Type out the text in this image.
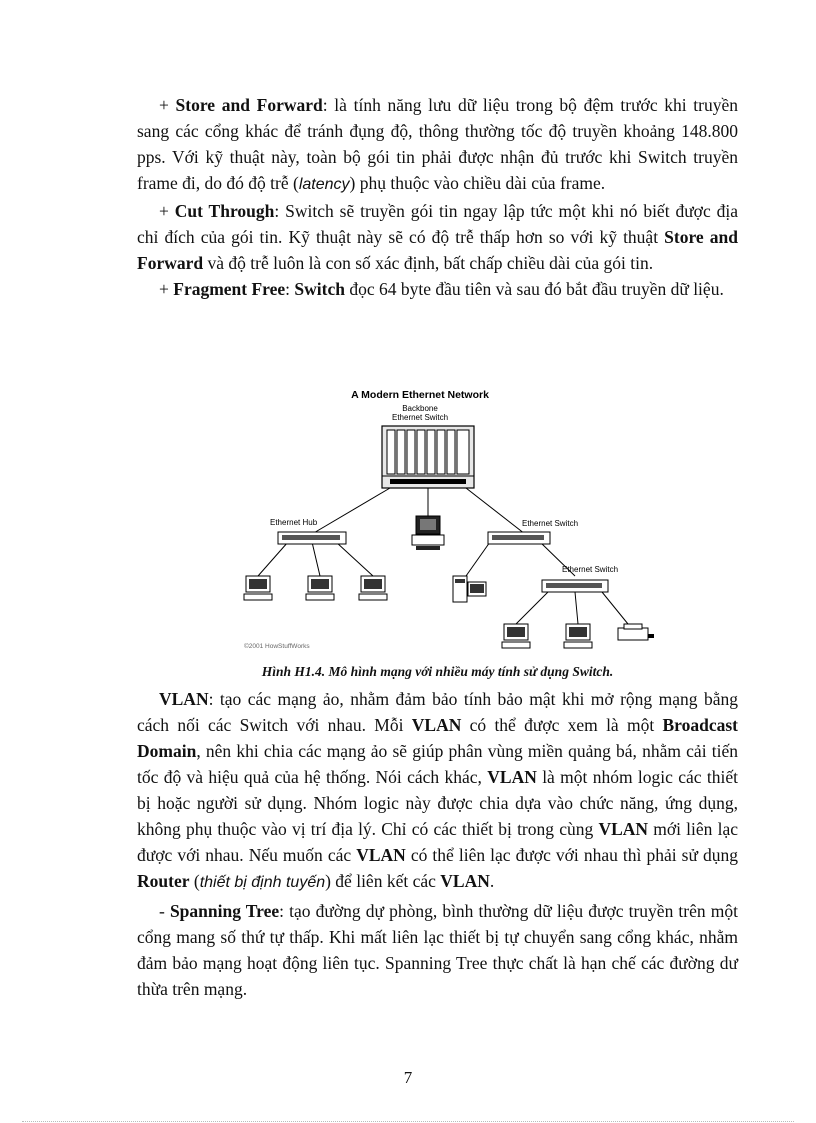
+ Store and Forward: là tính năng lưu dữ liệu trong bộ đệm trước khi truyền sang các cổng khác để tránh đụng độ, thông thường tốc độ truyền khoảng 148.800 pps. Với kỹ thuật này, toàn bộ gói tin phải được nhận đủ trước khi Switch truyền frame đi, do đó độ trễ (latency) phụ thuộc vào chiều dài của frame.

+ Cut Through: Switch sẽ truyền gói tin ngay lập tức một khi nó biết được địa chỉ đích của gói tin. Kỹ thuật này sẽ có độ trễ thấp hơn so với kỹ thuật Store and Forward và độ trễ luôn là con số xác định, bất chấp chiều dài của gói tin.

+ Fragment Free: Switch đọc 64 byte đầu tiên và sau đó bắt đầu truyền dữ liệu.

A Modern Ethernet Network
Backbone
Ethernet Switch
Ethernet Hub	Ethernet Switch
Ethernet Switch
©2001 HowStuffWorks
Hình H1.4. Mô hình mạng với nhiều máy tính sử dụng Switch.

VLAN: tạo các mạng ảo, nhằm đảm bảo tính bảo mật khi mở rộng mạng bằng cách nối các Switch với nhau. Mỗi VLAN có thể được xem là một Broadcast Domain, nên khi chia các mạng ảo sẽ giúp phân vùng miền quảng bá, nhằm cải tiến tốc độ và hiệu quả của hệ thống. Nói cách khác, VLAN là một nhóm logic các thiết bị hoặc người sử dụng. Nhóm logic này được chia dựa vào chức năng, ứng dụng, không phụ thuộc vào vị trí địa lý. Chỉ có các thiết bị trong cùng VLAN mới liên lạc được với nhau. Nếu muốn các VLAN có thể liên lạc được với nhau thì phải sử dụng Router (thiết bị định tuyến) để liên kết các VLAN.

- Spanning Tree: tạo đường dự phòng, bình thường dữ liệu được truyền trên một cổng mang số thứ tự thấp. Khi mất liên lạc thiết bị tự chuyển sang cổng khác, nhằm đảm bảo mạng hoạt động liên tục. Spanning Tree thực chất là hạn chế các đường dư thừa trên mạng.

7
